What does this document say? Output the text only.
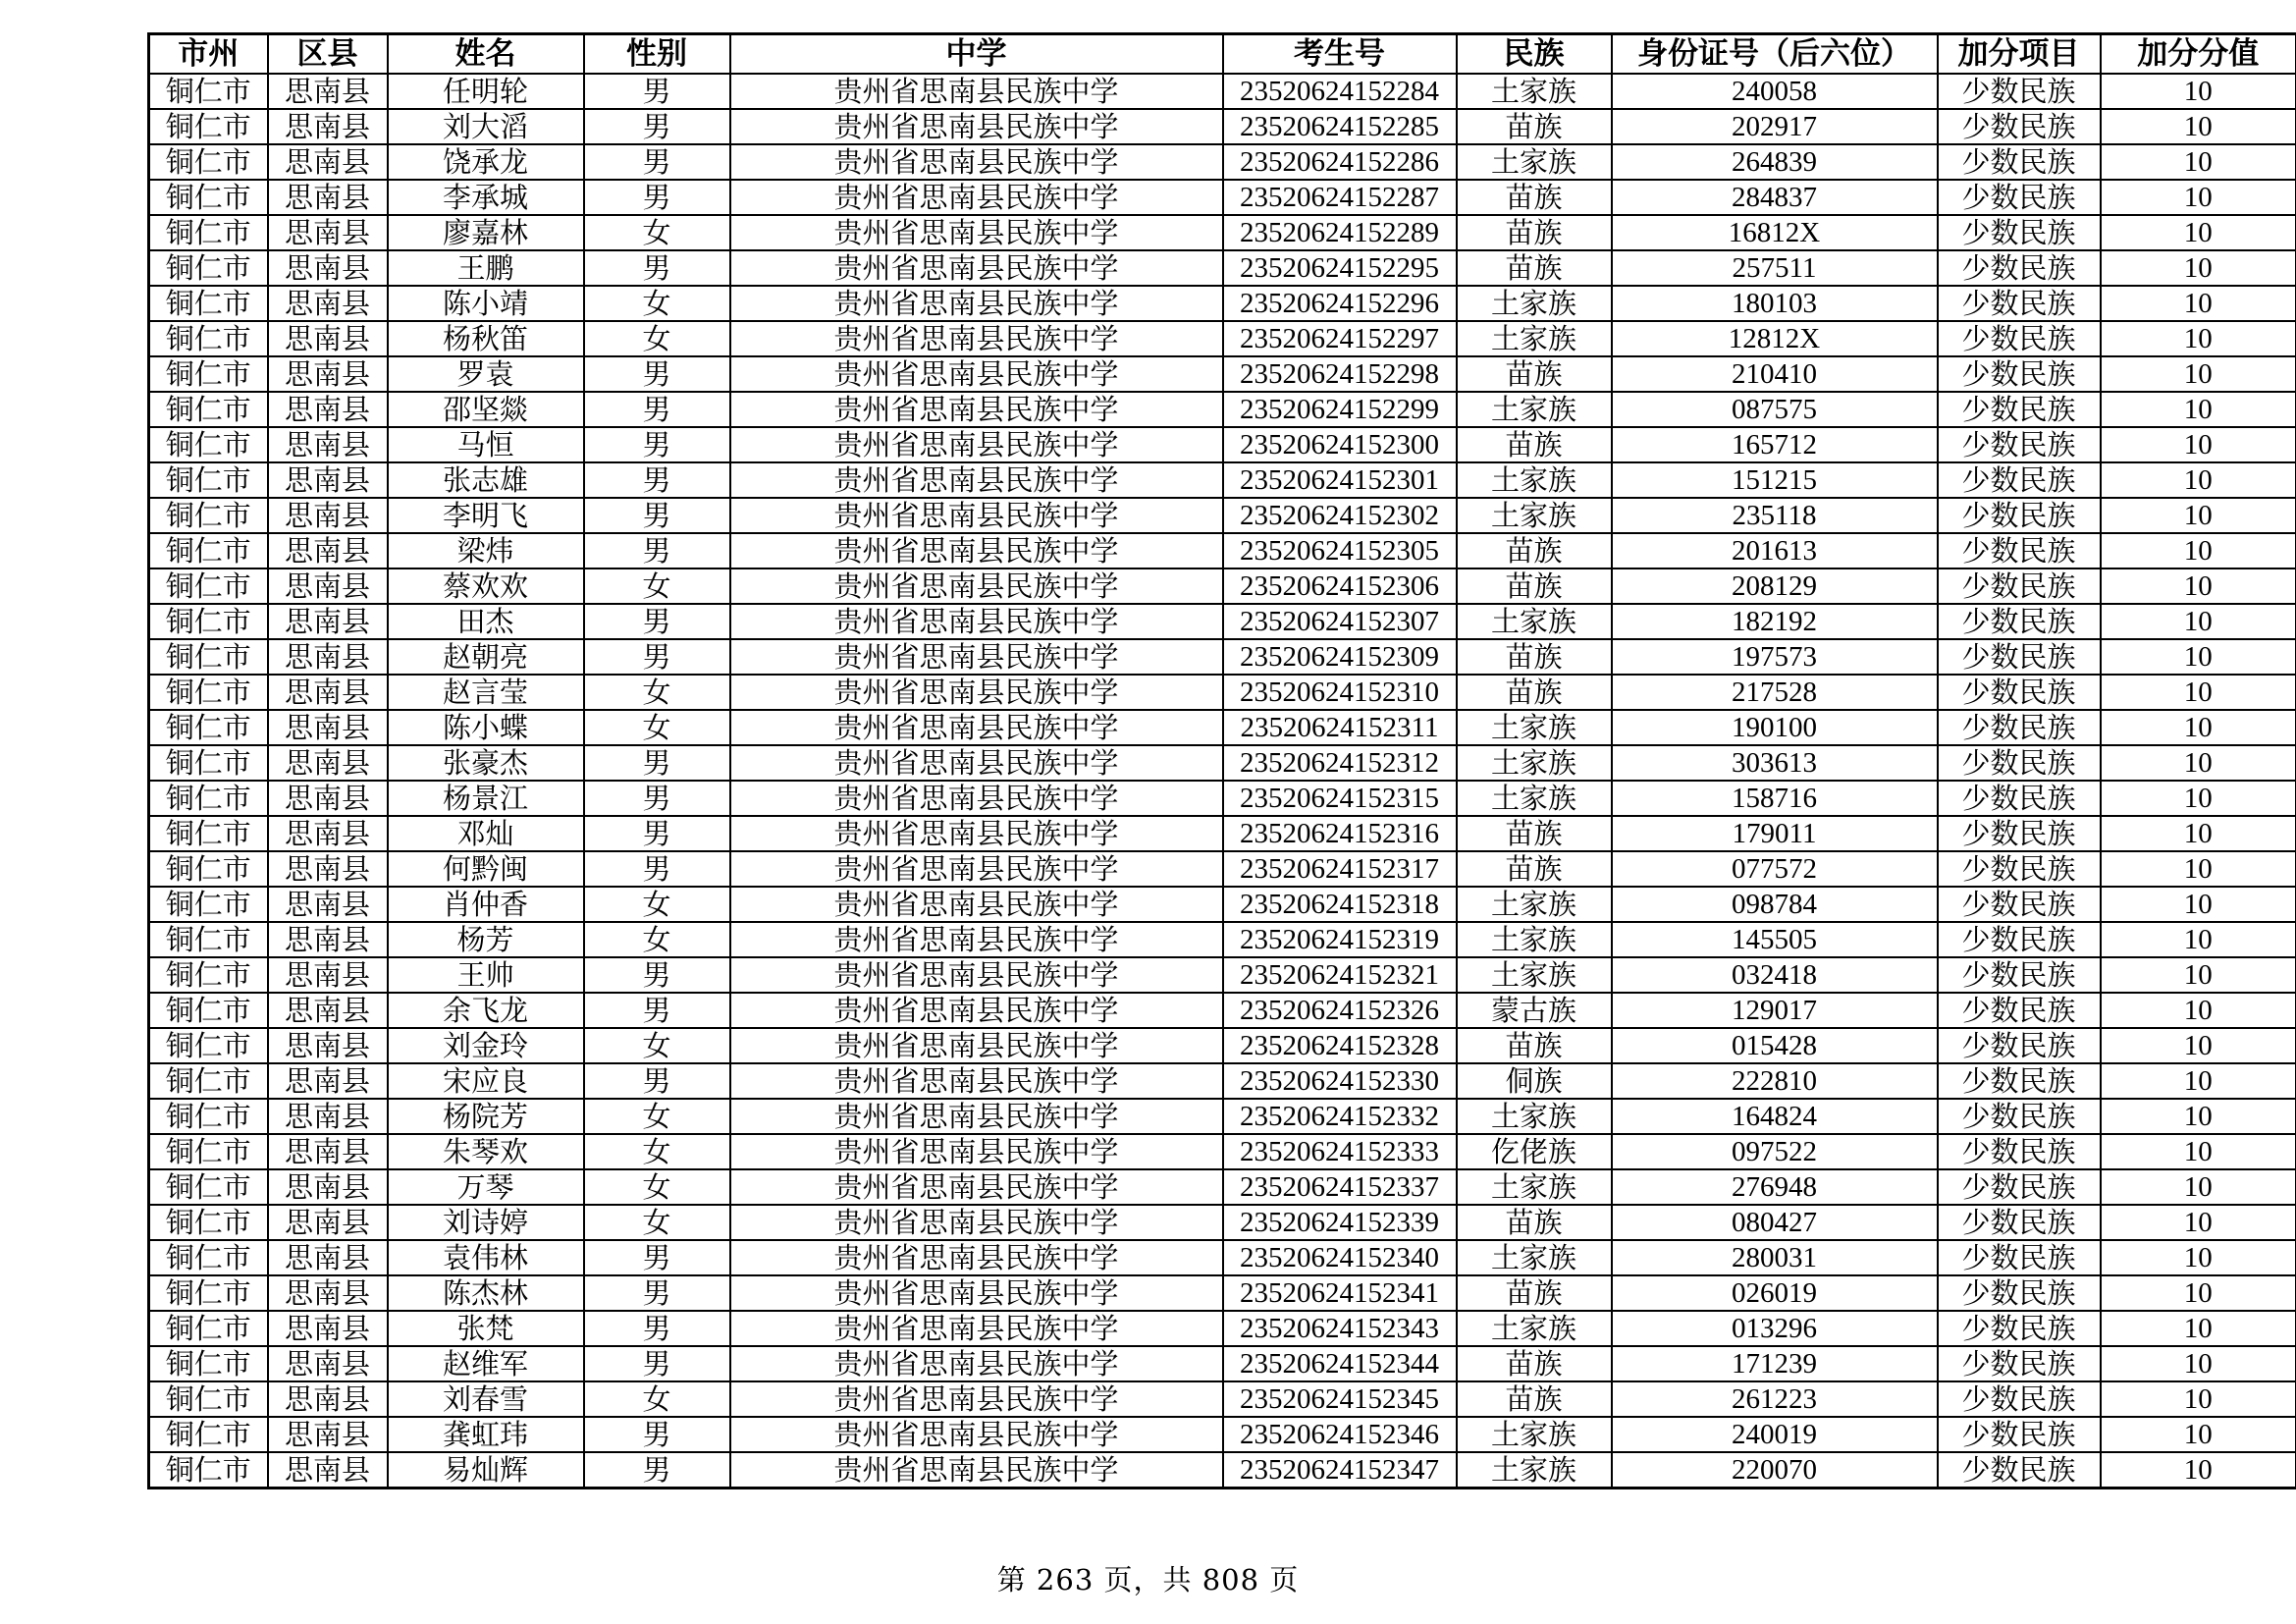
市州	区县	姓名	性别	中学	考生号	民族	身份证号（后六位）	加分项目	加分分值
铜仁市	思南县	任明轮	男	贵州省思南县民族中学	23520624152284	土家族	240058	少数民族	10
铜仁市	思南县	刘大滔	男	贵州省思南县民族中学	23520624152285	苗族	202917	少数民族	10
铜仁市	思南县	饶承龙	男	贵州省思南县民族中学	23520624152286	土家族	264839	少数民族	10
铜仁市	思南县	李承城	男	贵州省思南县民族中学	23520624152287	苗族	284837	少数民族	10
铜仁市	思南县	廖嘉林	女	贵州省思南县民族中学	23520624152289	苗族	16812X	少数民族	10
铜仁市	思南县	王鹏	男	贵州省思南县民族中学	23520624152295	苗族	257511	少数民族	10
铜仁市	思南县	陈小靖	女	贵州省思南县民族中学	23520624152296	土家族	180103	少数民族	10
铜仁市	思南县	杨秋笛	女	贵州省思南县民族中学	23520624152297	土家族	12812X	少数民族	10
铜仁市	思南县	罗袁	男	贵州省思南县民族中学	23520624152298	苗族	210410	少数民族	10
铜仁市	思南县	邵坚燚	男	贵州省思南县民族中学	23520624152299	土家族	087575	少数民族	10
铜仁市	思南县	马恒	男	贵州省思南县民族中学	23520624152300	苗族	165712	少数民族	10
铜仁市	思南县	张志雄	男	贵州省思南县民族中学	23520624152301	土家族	151215	少数民族	10
铜仁市	思南县	李明飞	男	贵州省思南县民族中学	23520624152302	土家族	235118	少数民族	10
铜仁市	思南县	梁炜	男	贵州省思南县民族中学	23520624152305	苗族	201613	少数民族	10
铜仁市	思南县	蔡欢欢	女	贵州省思南县民族中学	23520624152306	苗族	208129	少数民族	10
铜仁市	思南县	田杰	男	贵州省思南县民族中学	23520624152307	土家族	182192	少数民族	10
铜仁市	思南县	赵朝亮	男	贵州省思南县民族中学	23520624152309	苗族	197573	少数民族	10
铜仁市	思南县	赵言莹	女	贵州省思南县民族中学	23520624152310	苗族	217528	少数民族	10
铜仁市	思南县	陈小蝶	女	贵州省思南县民族中学	23520624152311	土家族	190100	少数民族	10
铜仁市	思南县	张豪杰	男	贵州省思南县民族中学	23520624152312	土家族	303613	少数民族	10
铜仁市	思南县	杨景江	男	贵州省思南县民族中学	23520624152315	土家族	158716	少数民族	10
铜仁市	思南县	邓灿	男	贵州省思南县民族中学	23520624152316	苗族	179011	少数民族	10
铜仁市	思南县	何黔闽	男	贵州省思南县民族中学	23520624152317	苗族	077572	少数民族	10
铜仁市	思南县	肖仲香	女	贵州省思南县民族中学	23520624152318	土家族	098784	少数民族	10
铜仁市	思南县	杨芳	女	贵州省思南县民族中学	23520624152319	土家族	145505	少数民族	10
铜仁市	思南县	王帅	男	贵州省思南县民族中学	23520624152321	土家族	032418	少数民族	10
铜仁市	思南县	余飞龙	男	贵州省思南县民族中学	23520624152326	蒙古族	129017	少数民族	10
铜仁市	思南县	刘金玲	女	贵州省思南县民族中学	23520624152328	苗族	015428	少数民族	10
铜仁市	思南县	宋应良	男	贵州省思南县民族中学	23520624152330	侗族	222810	少数民族	10
铜仁市	思南县	杨院芳	女	贵州省思南县民族中学	23520624152332	土家族	164824	少数民族	10
铜仁市	思南县	朱琴欢	女	贵州省思南县民族中学	23520624152333	仡佬族	097522	少数民族	10
铜仁市	思南县	万琴	女	贵州省思南县民族中学	23520624152337	土家族	276948	少数民族	10
铜仁市	思南县	刘诗婷	女	贵州省思南县民族中学	23520624152339	苗族	080427	少数民族	10
铜仁市	思南县	袁伟林	男	贵州省思南县民族中学	23520624152340	土家族	280031	少数民族	10
铜仁市	思南县	陈杰林	男	贵州省思南县民族中学	23520624152341	苗族	026019	少数民族	10
铜仁市	思南县	张梵	男	贵州省思南县民族中学	23520624152343	土家族	013296	少数民族	10
铜仁市	思南县	赵维军	男	贵州省思南县民族中学	23520624152344	苗族	171239	少数民族	10
铜仁市	思南县	刘春雪	女	贵州省思南县民族中学	23520624152345	苗族	261223	少数民族	10
铜仁市	思南县	龚虹玮	男	贵州省思南县民族中学	23520624152346	土家族	240019	少数民族	10
铜仁市	思南县	易灿辉	男	贵州省思南县民族中学	23520624152347	土家族	220070	少数民族	10
第 263 页，共 808 页
